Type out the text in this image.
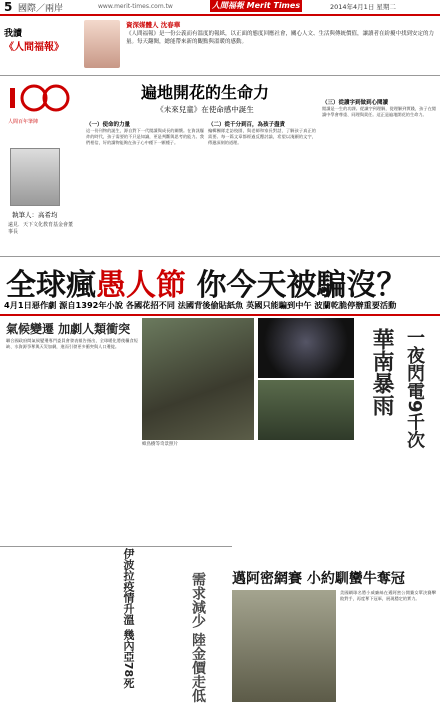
5 國際／兩岸	www.merit-times.com.tw	人間福報 Merit Times	2014年4月1日 星期二
我讀
《人間福報》
資深媒體人 沈春華
《人間福報》是一份公義而有溫度的報紙，以正面的態度回應社會，關心人文、生活與傳統價值，讓讀者在紛擾中找到安定的力量。每天翻閱，總能帶來新的觀點與溫暖的感動。
人間百年筆陣
遍地開花的生命力
《未來兒童》在使命感中誕生
執筆人：高希均
遠見．天下文化教育基金會董事長
（一）使命的力量
這一份刊物的誕生，源自對下一代閱讀與成長的關懷。在資訊爆炸的時代，孩子需要的不只是知識，更是判斷與思考的能力。我們相信，好的讀物能夠在孩子心中種下一顆種子。
（二）從千分到百，為孩子盡責
編輯團隊走訪校園，與老師和家長對話，了解孩子真正的需要。每一篇文章都經過反覆討論，希望以淺顯的文字，傳遞深刻的道理。
（三）從讀字到做到心閱讀
閱讀是一生的功課。從識字到理解，從理解到實踐，孩子在閱讀中學會尊重、同理與責任。這正是遍地開花的生命力。
全球瘋愚人節 你今天被騙沒？
4月1日惡作劇 源自1392年小說 各國花招不同 法國背後偷貼紙魚 英國只能騙到中午 波蘭乾脆停辦重要活動
氣候變遷 加劇人類衝突
聯合國政府間氣候變遷專門委員會發表報告指出，全球暖化將使糧食短缺、水資源爭奪與天災加劇，進而引發更多衝突與人口遷徙。
蜂鳥樹等奇景照片
華南暴雨 一夜閃電9千次
伊波拉疫情升溫 幾內亞78死	需求減少 陸金價走低 邁阿密網賽 小約馴蠻牛奪冠
美國網球名將小威廉絲在邁阿密公開賽女單決賽擊敗對手，再度奪下冠軍，展現穩定的實力。
